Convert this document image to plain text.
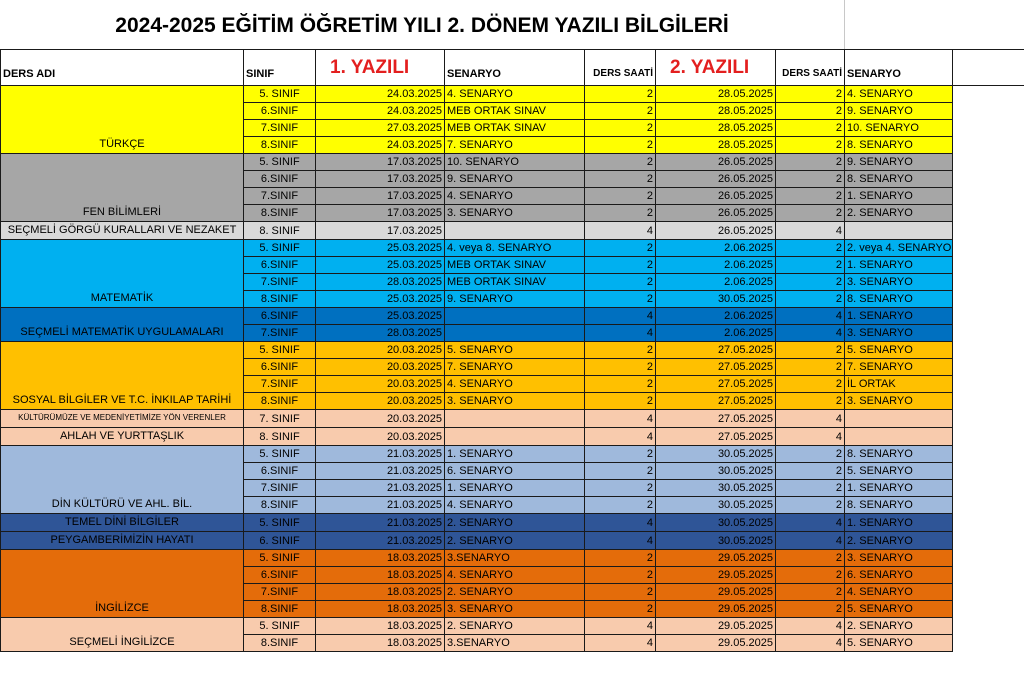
2024-2025 EĞİTİM ÖĞRETİM YILI 2. DÖNEM YAZILI BİLGİLERİ
DERS ADI	SINIF	1. YAZILI	SENARYO	DERS SAATİ	2. YAZILI	DERS SAATİ	SENARYO	
TÜRKÇE	5. SINIF	24.03.2025	4. SENARYO	2	28.05.2025	2	4. SENARYO	
	6.SINIF	24.03.2025	MEB ORTAK SINAV	2	28.05.2025	2	9. SENARYO	
	7.SINIF	27.03.2025	MEB ORTAK SINAV	2	28.05.2025	2	10. SENARYO	
	8.SINIF	24.03.2025	7. SENARYO	2	28.05.2025	2	8. SENARYO	
FEN BİLİMLERİ	5. SINIF	17.03.2025	10. SENARYO	2	26.05.2025	2	9. SENARYO	
	6.SINIF	17.03.2025	9. SENARYO	2	26.05.2025	2	8. SENARYO	
	7.SINIF	17.03.2025	4. SENARYO	2	26.05.2025	2	1. SENARYO	
	8.SINIF	17.03.2025	3. SENARYO	2	26.05.2025	2	2. SENARYO	
SEÇMELİ GÖRGÜ KURALLARI VE NEZAKET	8. SINIF	17.03.2025		4	26.05.2025	4		
MATEMATİK	5. SINIF	25.03.2025	4. veya 8. SENARYO	2	2.06.2025	2	2. veya 4. SENARYO	
	6.SINIF	25.03.2025	MEB ORTAK SINAV	2	2.06.2025	2	1. SENARYO	
	7.SINIF	28.03.2025	MEB ORTAK SINAV	2	2.06.2025	2	3. SENARYO	
	8.SINIF	25.03.2025	9. SENARYO	2	30.05.2025	2	8. SENARYO	
SEÇMELİ MATEMATİK UYGULAMALARI	6.SINIF	25.03.2025		4	2.06.2025	4	1. SENARYO	
	7.SINIF	28.03.2025		4	2.06.2025	4	3. SENARYO	
SOSYAL BİLGİLER VE T.C. İNKILAP TARİHİ	5. SINIF	20.03.2025	5. SENARYO	2	27.05.2025	2	5. SENARYO	
	6.SINIF	20.03.2025	7. SENARYO	2	27.05.2025	2	7. SENARYO	
	7.SINIF	20.03.2025	4. SENARYO	2	27.05.2025	2	İL ORTAK	
	8.SINIF	20.03.2025	3. SENARYO	2	27.05.2025	2	3. SENARYO	
KÜLTÜRÜMÜZE VE MEDENİYETİMİZE YÖN VERENLER	7. SINIF	20.03.2025		4	27.05.2025	4		
AHLAH VE YURTTAŞLIK	8. SINIF	20.03.2025		4	27.05.2025	4		
DİN KÜLTÜRÜ VE AHL. BİL.	5. SINIF	21.03.2025	1. SENARYO	2	30.05.2025	2	8. SENARYO	
	6.SINIF	21.03.2025	6. SENARYO	2	30.05.2025	2	5. SENARYO	
	7.SINIF	21.03.2025	1. SENARYO	2	30.05.2025	2	1. SENARYO	
	8.SINIF	21.03.2025	4. SENARYO	2	30.05.2025	2	8. SENARYO	
TEMEL DİNİ BİLGİLER	5. SINIF	21.03.2025	2. SENARYO	4	30.05.2025	4	1. SENARYO	
PEYGAMBERİMİZİN HAYATI	6. SINIF	21.03.2025	2. SENARYO	4	30.05.2025	4	2. SENARYO	
İNGİLİZCE	5. SINIF	18.03.2025	3.SENARYO	2	29.05.2025	2	3. SENARYO	
	6.SINIF	18.03.2025	4. SENARYO	2	29.05.2025	2	6. SENARYO	
	7.SINIF	18.03.2025	2. SENARYO	2	29.05.2025	2	4. SENARYO	
	8.SINIF	18.03.2025	3. SENARYO	2	29.05.2025	2	5. SENARYO	
SEÇMELİ İNGİLİZCE	5. SINIF	18.03.2025	2. SENARYO	4	29.05.2025	4	2. SENARYO	
	8.SINIF	18.03.2025	3.SENARYO	4	29.05.2025	4	5. SENARYO	
